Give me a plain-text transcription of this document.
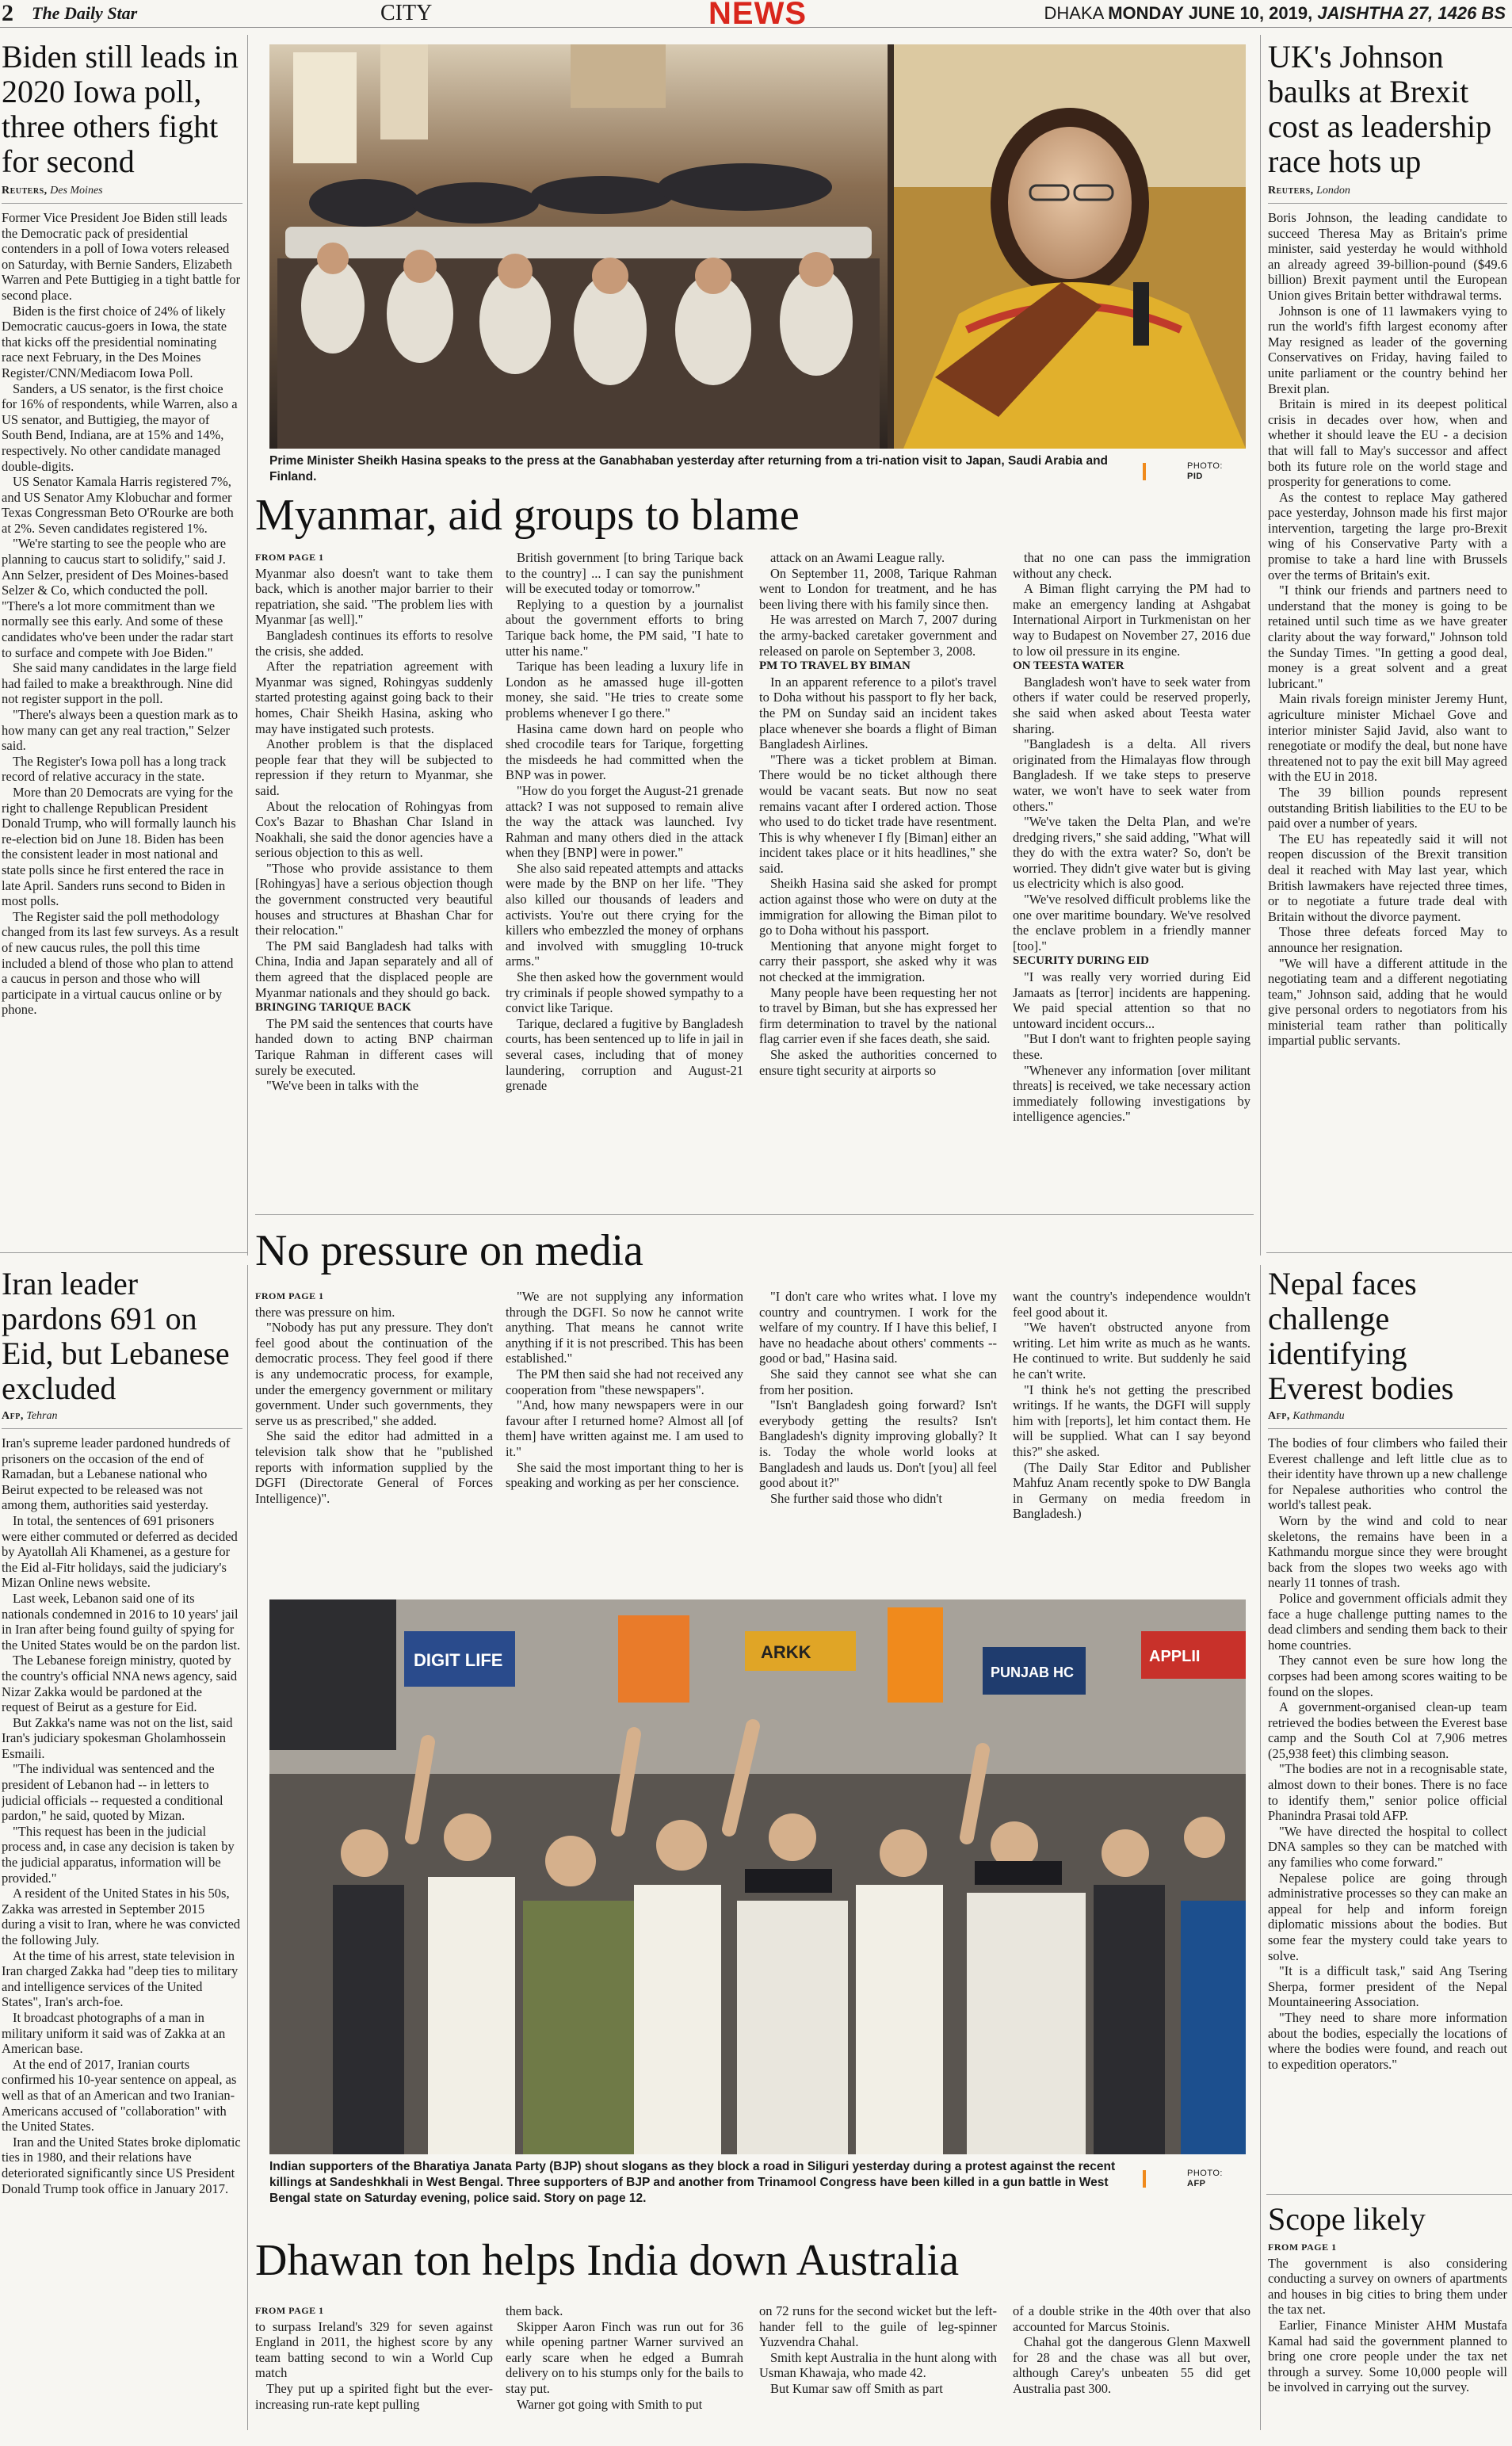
2 The Daily Star	CITY	NEWS	DHAKA MONDAY JUNE 10, 2019, JAISHTHA 27, 1426 BS
Biden still leads in 2020 Iowa poll, three others fight for second
Reuters, Des Moines

Former Vice President Joe Biden still leads the Democratic pack of presidential contenders in a poll of Iowa voters released on Saturday, with Bernie Sanders, Elizabeth Warren and Pete Buttigieg in a tight battle for second place.

Biden is the first choice of 24% of likely Democratic caucus-goers in Iowa, the state that kicks off the presidential nominating race next February, in the Des Moines Register/CNN/Mediacom Iowa Poll.

Sanders, a US senator, is the first choice for 16% of respondents, while Warren, also a US senator, and Buttigieg, the mayor of South Bend, Indiana, are at 15% and 14%, respectively. No other candidate managed double-digits.

US Senator Kamala Harris registered 7%, and US Senator Amy Klobuchar and former Texas Congressman Beto O'Rourke are both at 2%. Seven candidates registered 1%.

"We're starting to see the people who are planning to caucus start to solidify," said J. Ann Selzer, president of Des Moines-based Selzer & Co, which conducted the poll. "There's a lot more commitment than we normally see this early. And some of these candidates who've been under the radar start to surface and compete with Joe Biden."

She said many candidates in the large field had failed to make a breakthrough. Nine did not register support in the poll.

"There's always been a question mark as to how many can get any real traction," Selzer said.

The Register's Iowa poll has a long track record of relative accuracy in the state.

More than 20 Democrats are vying for the right to challenge Republican President Donald Trump, who will formally launch his re-election bid on June 18. Biden has been the consistent leader in most national and state polls since he first entered the race in late April. Sanders runs second to Biden in most polls.

The Register said the poll methodology changed from its last few surveys. As a result of new caucus rules, the poll this time included a blend of those who plan to attend a caucus in person and those who will participate in a virtual caucus online or by phone.

Iran leader pardons 691 on Eid, but Lebanese excluded
Afp, Tehran

Iran's supreme leader pardoned hundreds of prisoners on the occasion of the end of Ramadan, but a Lebanese national who Beirut expected to be released was not among them, authorities said yesterday.

In total, the sentences of 691 prisoners were either commuted or deferred as decided by Ayatollah Ali Khamenei, as a gesture for the Eid al-Fitr holidays, said the judiciary's Mizan Online news website.

Last week, Lebanon said one of its nationals condemned in 2016 to 10 years' jail in Iran after being found guilty of spying for the United States would be on the pardon list.

The Lebanese foreign ministry, quoted by the country's official NNA news agency, said Nizar Zakka would be pardoned at the request of Beirut as a gesture for Eid.

But Zakka's name was not on the list, said Iran's judiciary spokesman Gholamhossein Esmaili.

"The individual was sentenced and the president of Lebanon had -- in letters to judicial officials -- requested a conditional pardon," he said, quoted by Mizan.

"This request has been in the judicial process and, in case any decision is taken by the judicial apparatus, information will be provided."

A resident of the United States in his 50s, Zakka was arrested in September 2015 during a visit to Iran, where he was convicted the following July.

At the time of his arrest, state television in Iran charged Zakka had "deep ties to military and intelligence services of the United States", Iran's arch-foe.

It broadcast photographs of a man in military uniform it said was of Zakka at an American base.

At the end of 2017, Iranian courts confirmed his 10-year sentence on appeal, as well as that of an American and two Iranian-Americans accused of "collaboration" with the United States.

Iran and the United States broke diplomatic ties in 1980, and their relations have deteriorated significantly since US President Donald Trump took office in January 2017.

Prime Minister Sheikh Hasina speaks to the press at the Ganabhaban yesterday after returning from a tri-nation visit to Japan, Saudi Arabia and Finland.
PHOTO:
PID
Myanmar, aid groups to blame
FROM PAGE 1

Myanmar also doesn't want to take them back, which is another major barrier to their repatriation, she said. "The problem lies with Myanmar [as well]."

Bangladesh continues its efforts to resolve the crisis, she added.

After the repatriation agreement with Myanmar was signed, Rohingyas suddenly started protesting against going back to their homes, Chair Sheikh Hasina, asking who may have instigated such protests.

Another problem is that the displaced people fear that they will be subjected to repression if they return to Myanmar, she said.

About the relocation of Rohingyas from Cox's Bazar to Bhashan Char Island in Noakhali, she said the donor agencies have a serious objection to this as well.

"Those who provide assistance to them [Rohingyas] have a serious objection though the government constructed very beautiful houses and structures at Bhashan Char for their relocation."

The PM said Bangladesh had talks with China, India and Japan separately and all of them agreed that the displaced people are Myanmar nationals and they should go back.

BRINGING TARIQUE BACK

The PM said the sentences that courts have handed down to acting BNP chairman Tarique Rahman in different cases will surely be executed.

"We've been in talks with the

British government [to bring Tarique back to the country] ... I can say the punishment will be executed today or tomorrow."

Replying to a question by a journalist about the government efforts to bring Tarique back home, the PM said, "I hate to utter his name."

Tarique has been leading a luxury life in London as he amassed huge ill-gotten money, she said. "He tries to create some problems whenever I go there."

Hasina came down hard on people who shed crocodile tears for Tarique, forgetting the misdeeds he had committed when the BNP was in power.

"How do you forget the August-21 grenade attack? I was not supposed to remain alive the way the attack was launched. Ivy Rahman and many others died in the attack when they [BNP] were in power."

She also said repeated attempts and attacks were made by the BNP on her life. "They also killed our thousands of leaders and activists. You're out there crying for the killers who embezzled the money of orphans and involved with smuggling 10-truck arms."

She then asked how the government would try criminals if people showed sympathy to a convict like Tarique.

Tarique, declared a fugitive by Bangladesh courts, has been sentenced up to life in jail in several cases, including that of money laundering, corruption and August-21 grenade

attack on an Awami League rally.

On September 11, 2008, Tarique Rahman went to London for treatment, and he has been living there with his family since then.

He was arrested on March 7, 2007 during the army-backed caretaker government and released on parole on September 3, 2008.

PM TO TRAVEL BY BIMAN

In an apparent reference to a pilot's travel to Doha without his passport to fly her back, the PM on Sunday said an incident takes place whenever she boards a flight of Biman Bangladesh Airlines.

"There was a ticket problem at Biman. There would be no ticket although there would be vacant seats. But now no seat remains vacant after I ordered action. Those who used to do ticket trade have resentment. This is why whenever I fly [Biman] either an incident takes place or it hits headlines," she said.

Sheikh Hasina said she asked for prompt action against those who were on duty at the immigration for allowing the Biman pilot to go to Doha without his passport.

Mentioning that anyone might forget to carry their passport, she asked why it was not checked at the immigration.

Many people have been requesting her not to travel by Biman, but she has expressed her firm determination to travel by the national flag carrier even if she faces death, she said.

She asked the authorities concerned to ensure tight security at airports so

that no one can pass the immigration without any check.

A Biman flight carrying the PM had to make an emergency landing at Ashgabat International Airport in Turkmenistan on her way to Budapest on November 27, 2016 due to low oil pressure in its engine.

ON TEESTA WATER

Bangladesh won't have to seek water from others if water could be reserved properly, she said when asked about Teesta water sharing.

"Bangladesh is a delta. All rivers originated from the Himalayas flow through Bangladesh. If we take steps to preserve water, we won't have to seek water from others."

"We've taken the Delta Plan, and we're dredging rivers," she said adding, "What will they do with the extra water? So, don't be worried. They didn't give water but is giving us electricity which is also good.

"We've resolved difficult problems like the one over maritime boundary. We've resolved the enclave problem in a friendly manner [too]."

SECURITY DURING EID

"I was really very worried during Eid Jamaats as [terror] incidents are happening. We paid special attention so that no untoward incident occurs...

"But I don't want to frighten people saying these.

"Whenever any information [over militant threats] is received, we take necessary action immediately following investigations by intelligence agencies."

UK's Johnson baulks at Brexit cost as leadership race hots up
Reuters, London

Boris Johnson, the leading candidate to succeed Theresa May as Britain's prime minister, said yesterday he would withhold an already agreed 39-billion-pound ($49.6 billion) Brexit payment until the European Union gives Britain better withdrawal terms.

Johnson is one of 11 lawmakers vying to run the world's fifth largest economy after May resigned as leader of the governing Conservatives on Friday, having failed to unite parliament or the country behind her Brexit plan.

Britain is mired in its deepest political crisis in decades over how, when and whether it should leave the EU - a decision that will fall to May's successor and affect both its future role on the world stage and prosperity for generations to come.

As the contest to replace May gathered pace yesterday, Johnson made his first major intervention, targeting the large pro-Brexit wing of his Conservative Party with a promise to take a hard line with Brussels over the terms of Britain's exit.

"I think our friends and partners need to understand that the money is going to be retained until such time as we have greater clarity about the way forward," Johnson told the Sunday Times. "In getting a good deal, money is a great solvent and a great lubricant."

Main rivals foreign minister Jeremy Hunt, agriculture minister Michael Gove and interior minister Sajid Javid, also want to renegotiate or modify the deal, but none have threatened not to pay the exit bill May agreed with the EU in 2018.

The 39 billion pounds represent outstanding British liabilities to the EU to be paid over a number of years.

The EU has repeatedly said it will not reopen discussion of the Brexit transition deal it reached with May last year, which British lawmakers have rejected three times, or to negotiate a future trade deal with Britain without the divorce payment.

Those three defeats forced May to announce her resignation.

"We will have a different attitude in the negotiating team and a different negotiating team," Johnson said, adding that he would give personal orders to negotiators from his ministerial team rather than politically impartial public servants.

No pressure on media
FROM PAGE 1

there was pressure on him.

"Nobody has put any pressure. They don't feel good about the continuation of the democratic process. They feel good if there is any undemocratic process, for example, under the emergency government or military government. Under such governments, they serve us as prescribed," she added.

She said the editor had admitted in a television talk show that he "published reports with information supplied by the DGFI (Directorate General of Forces Intelligence)".

"We are not supplying any information through the DGFI. So now he cannot write anything. That means he cannot write anything if it is not prescribed. This has been established."

The PM then said she had not received any cooperation from "these newspapers".

"And, how many newspapers were in our favour after I returned home? Almost all [of them] have written against me. I am used to it."

She said the most important thing to her is speaking and working as per her conscience.

"I don't care who writes what. I love my country and countrymen. I work for the welfare of my country. If I have this belief, I have no headache about others' comments -- good or bad," Hasina said.

She said they cannot see what she can from her position.

"Isn't Bangladesh going forward? Isn't everybody getting the results? Isn't Bangladesh's dignity improving globally? It is. Today the whole world looks at Bangladesh and lauds us. Don't [you] all feel good about it?"

She further said those who didn't

want the country's independence wouldn't feel good about it.

"We haven't obstructed anyone from writing. Let him write as much as he wants. He continued to write. But suddenly he said he can't write.

"I think he's not getting the prescribed writings. If he wants, the DGFI will supply him with [reports], let him contact them. He will be supplied. What can I say beyond this?" she asked.

(The Daily Star Editor and Publisher Mahfuz Anam recently spoke to DW Bangla in Germany on media freedom in Bangladesh.)

Nepal faces challenge identifying Everest bodies
Afp, Kathmandu

The bodies of four climbers who failed their Everest challenge and left little clue as to their identity have thrown up a new challenge for Nepalese authorities who control the world's tallest peak.

Worn by the wind and cold to near skeletons, the remains have been in a Kathmandu morgue since they were brought back from the slopes two weeks ago with nearly 11 tonnes of trash.

Police and government officials admit they face a huge challenge putting names to the dead climbers and sending them back to their home countries.

They cannot even be sure how long the corpses had been among scores waiting to be found on the slopes.

A government-organised clean-up team retrieved the bodies between the Everest base camp and the South Col at 7,906 metres (25,938 feet) this climbing season.

"The bodies are not in a recognisable state, almost down to their bones. There is no face to identify them," senior police official Phanindra Prasai told AFP.

"We have directed the hospital to collect DNA samples so they can be matched with any families who come forward."

Nepalese police are going through administrative processes so they can make an appeal for help and inform foreign diplomatic missions about the bodies. But some fear the mystery could take years to solve.

"It is a difficult task," said Ang Tsering Sherpa, former president of the Nepal Mountaineering Association.

"They need to share more information about the bodies, especially the locations of where the bodies were found, and reach out to expedition operators."

Scope likely
FROM PAGE 1

The government is also considering conducting a survey on owners of apartments and houses in big cities to bring them under the tax net.

Earlier, Finance Minister AHM Mustafa Kamal had said the government planned to bring one crore people under the tax net through a survey. Some 10,000 people will be involved in carrying out the survey.

DIGIT LIFE	ARKK
PUNJAB HC
APPLII
Indian supporters of the Bharatiya Janata Party (BJP) shout slogans as they block a road in Siliguri yesterday during a protest against the recent killings at Sandeshkhali in West Bengal. Three supporters of BJP and another from Trinamool Congress have been killed in a gun battle in West Bengal state on Saturday evening, police said. Story on page 12.
PHOTO:
AFP
Dhawan ton helps India down Australia
FROM PAGE 1

to surpass Ireland's 329 for seven against England in 2011, the highest score by any team batting second to win a World Cup match

They put up a spirited fight but the ever-increasing run-rate kept pulling

them back.

Skipper Aaron Finch was run out for 36 while opening partner Warner survived an early scare when he edged a Bumrah delivery on to his stumps only for the bails to stay put.

Warner got going with Smith to put

on 72 runs for the second wicket but the left-hander fell to the guile of leg-spinner Yuzvendra Chahal.

Smith kept Australia in the hunt along with Usman Khawaja, who made 42.

But Kumar saw off Smith as part

of a double strike in the 40th over that also accounted for Marcus Stoinis.

Chahal got the dangerous Glenn Maxwell for 28 and the chase was all but over, although Carey's unbeaten 55 did get Australia past 300.
